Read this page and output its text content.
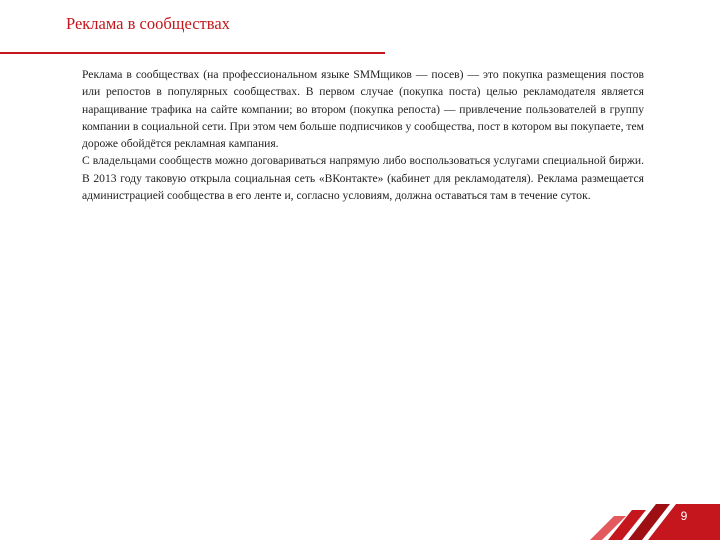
Реклама в сообществах

Реклама в сообществах (на профессиональном языке SMMщиков — посев) — это покупка размещения постов или репостов в популярных сообществах. В первом случае (покупка поста) целью рекламодателя является наращивание трафика на сайте компании; во втором (покупка репоста) — привлечение пользователей в группу компании в социальной сети. При этом чем больше подписчиков у сообщества, пост в котором вы покупаете, тем дороже обойдётся рекламная кампания.

С владельцами сообществ можно договариваться напрямую либо воспользоваться услугами специальной биржи. В 2013 году таковую открыла социальная сеть «ВКонтакте» (кабинет для рекламодателя). Реклама размещается администрацией сообщества в его ленте и, согласно условиям, должна оставаться там в течение суток.

9
